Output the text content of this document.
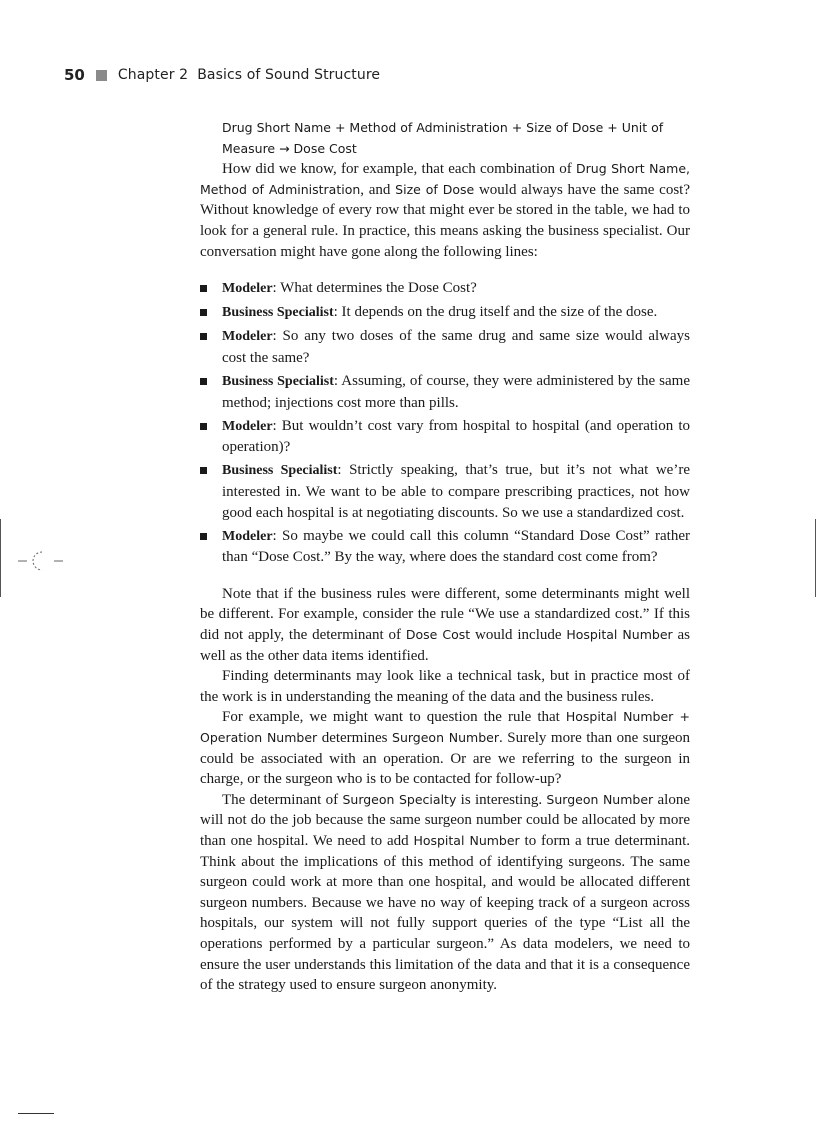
50 Chapter 2  Basics of Sound Structure
Drug Short Name + Method of Administration + Size of Dose + Unit of Measure → Dose Cost

How did we know, for example, that each combination of Drug Short Name, Method of Administration, and Size of Dose would always have the same cost? Without knowledge of every row that might ever be stored in the table, we had to look for a general rule. In practice, this means asking the business specialist. Our conversation might have gone along the following lines:

Modeler: What determines the Dose Cost?
Business Specialist: It depends on the drug itself and the size of the dose.
Modeler: So any two doses of the same drug and same size would always cost the same?
Business Specialist: Assuming, of course, they were administered by the same method; injections cost more than pills.
Modeler: But wouldn’t cost vary from hospital to hospital (and operation to operation)?
Business Specialist: Strictly speaking, that’s true, but it’s not what we’re interested in. We want to be able to compare prescribing practices, not how good each hospital is at negotiating discounts. So we use a standardized cost.
Modeler: So maybe we could call this column “Standard Dose Cost” rather than “Dose Cost.” By the way, where does the standard cost come from?

Note that if the business rules were different, some determinants might well be different. For example, consider the rule “We use a standardized cost.” If this did not apply, the determinant of Dose Cost would include Hospital Number as well as the other data items identified.

Finding determinants may look like a technical task, but in practice most of the work is in understanding the meaning of the data and the business rules.

For example, we might want to question the rule that Hospital Number + Operation Number determines Surgeon Number. Surely more than one surgeon could be associated with an operation. Or are we referring to the surgeon in charge, or the surgeon who is to be contacted for follow-up?

The determinant of Surgeon Specialty is interesting. Surgeon Number alone will not do the job because the same surgeon number could be allocated by more than one hospital. We need to add Hospital Number to form a true determinant. Think about the implications of this method of identifying surgeons. The same surgeon could work at more than one hospital, and would be allocated different surgeon numbers. Because we have no way of keeping track of a surgeon across hospitals, our system will not fully support queries of the type “List all the operations performed by a particular surgeon.” As data modelers, we need to ensure the user understands this limitation of the data and that it is a consequence of the strategy used to ensure surgeon anonymity.
